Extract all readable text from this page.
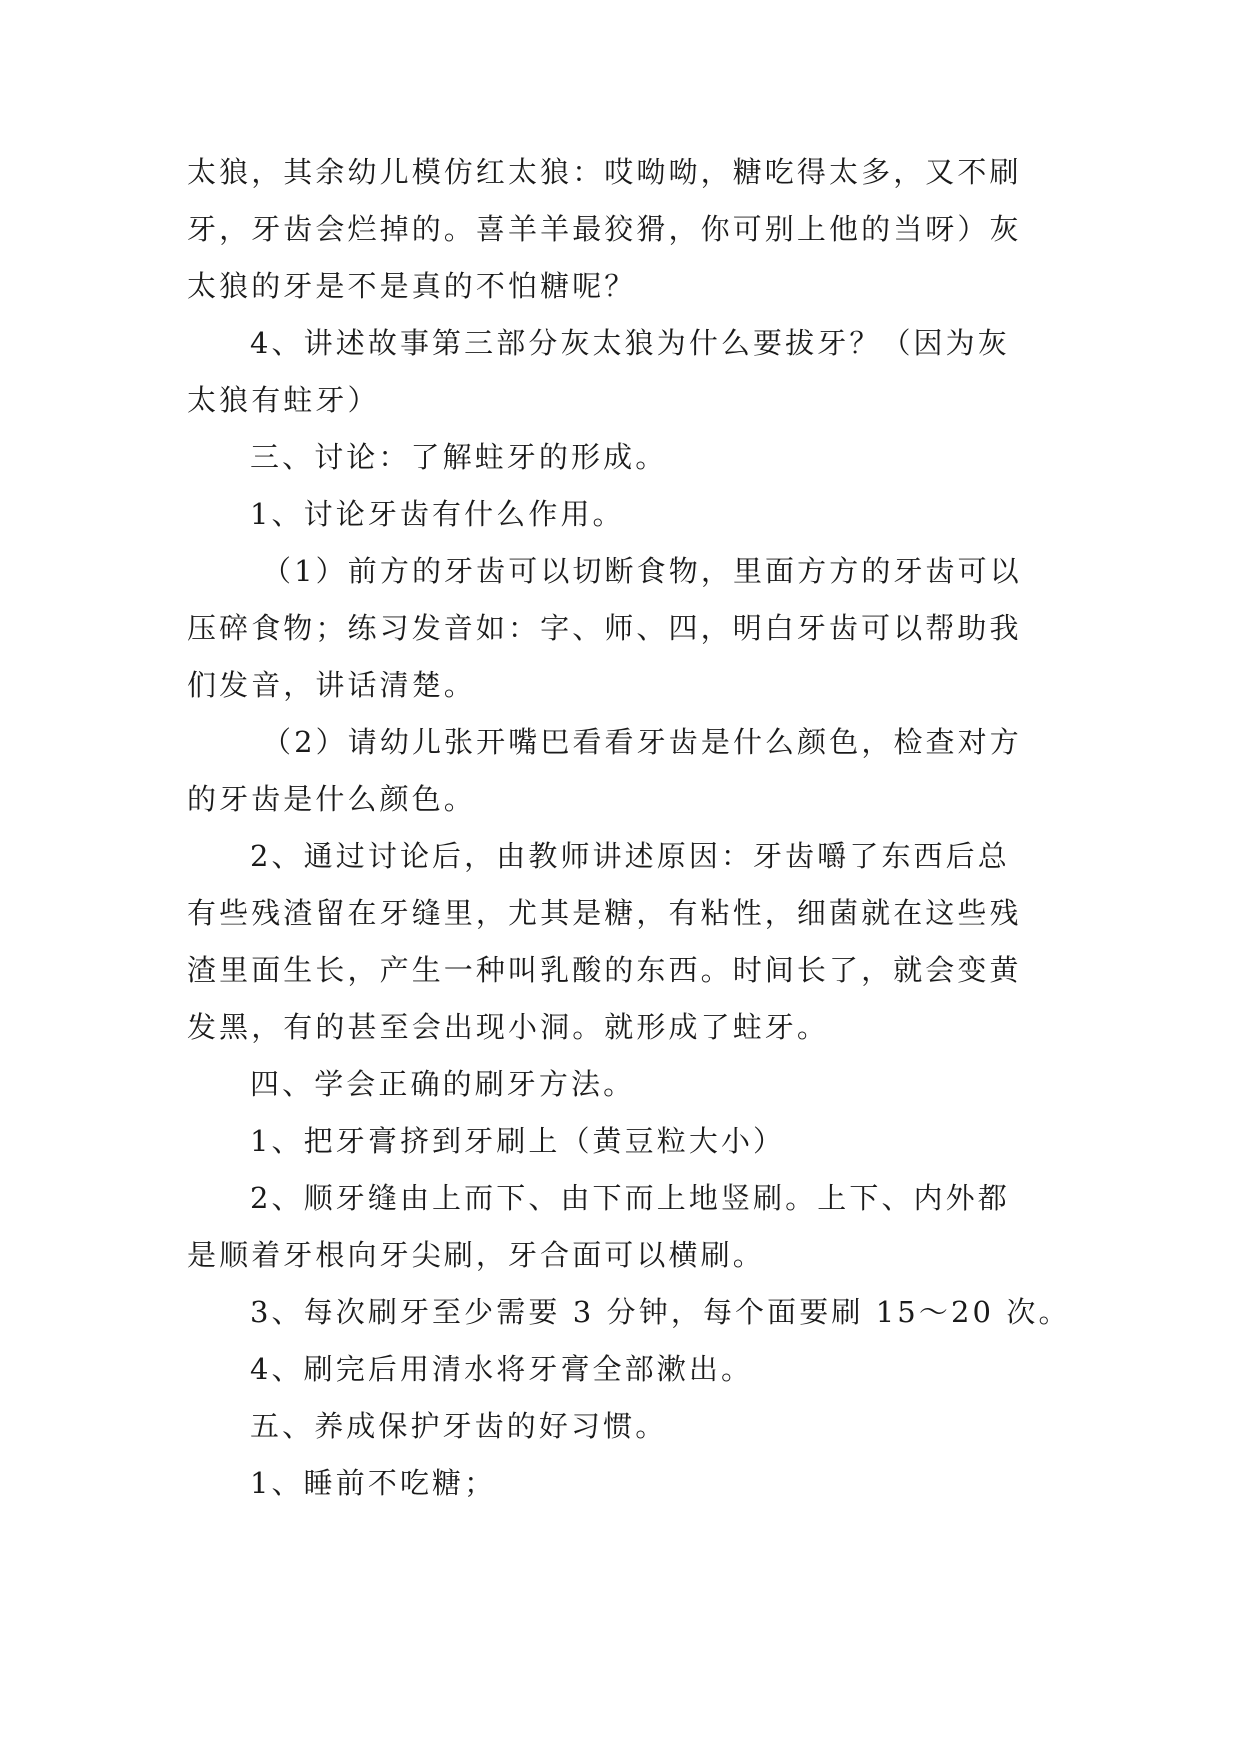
太狼，其余幼儿模仿红太狼：哎呦呦，糖吃得太多，又不刷
牙，牙齿会烂掉的。喜羊羊最狡猾，你可别上他的当呀）灰
太狼的牙是不是真的不怕糖呢？
4、讲述故事第三部分灰太狼为什么要拔牙？（因为灰
太狼有蛀牙）
三、讨论：了解蛀牙的形成。
1、讨论牙齿有什么作用。
（1）前方的牙齿可以切断食物，里面方方的牙齿可以
压碎食物；练习发音如：字、师、四，明白牙齿可以帮助我
们发音，讲话清楚。
（2）请幼儿张开嘴巴看看牙齿是什么颜色，检查对方
的牙齿是什么颜色。
2、通过讨论后，由教师讲述原因：牙齿嚼了东西后总
有些残渣留在牙缝里，尤其是糖，有粘性，细菌就在这些残
渣里面生长，产生一种叫乳酸的东西。时间长了，就会变黄
发黑，有的甚至会出现小洞。就形成了蛀牙。
四、学会正确的刷牙方法。
1、把牙膏挤到牙刷上（黄豆粒大小）
2、顺牙缝由上而下、由下而上地竖刷。上下、内外都
是顺着牙根向牙尖刷，牙合面可以横刷。
3、每次刷牙至少需要 3 分钟，每个面要刷 15～20 次。
4、刷完后用清水将牙膏全部漱出。
五、养成保护牙齿的好习惯。
1、睡前不吃糖；
